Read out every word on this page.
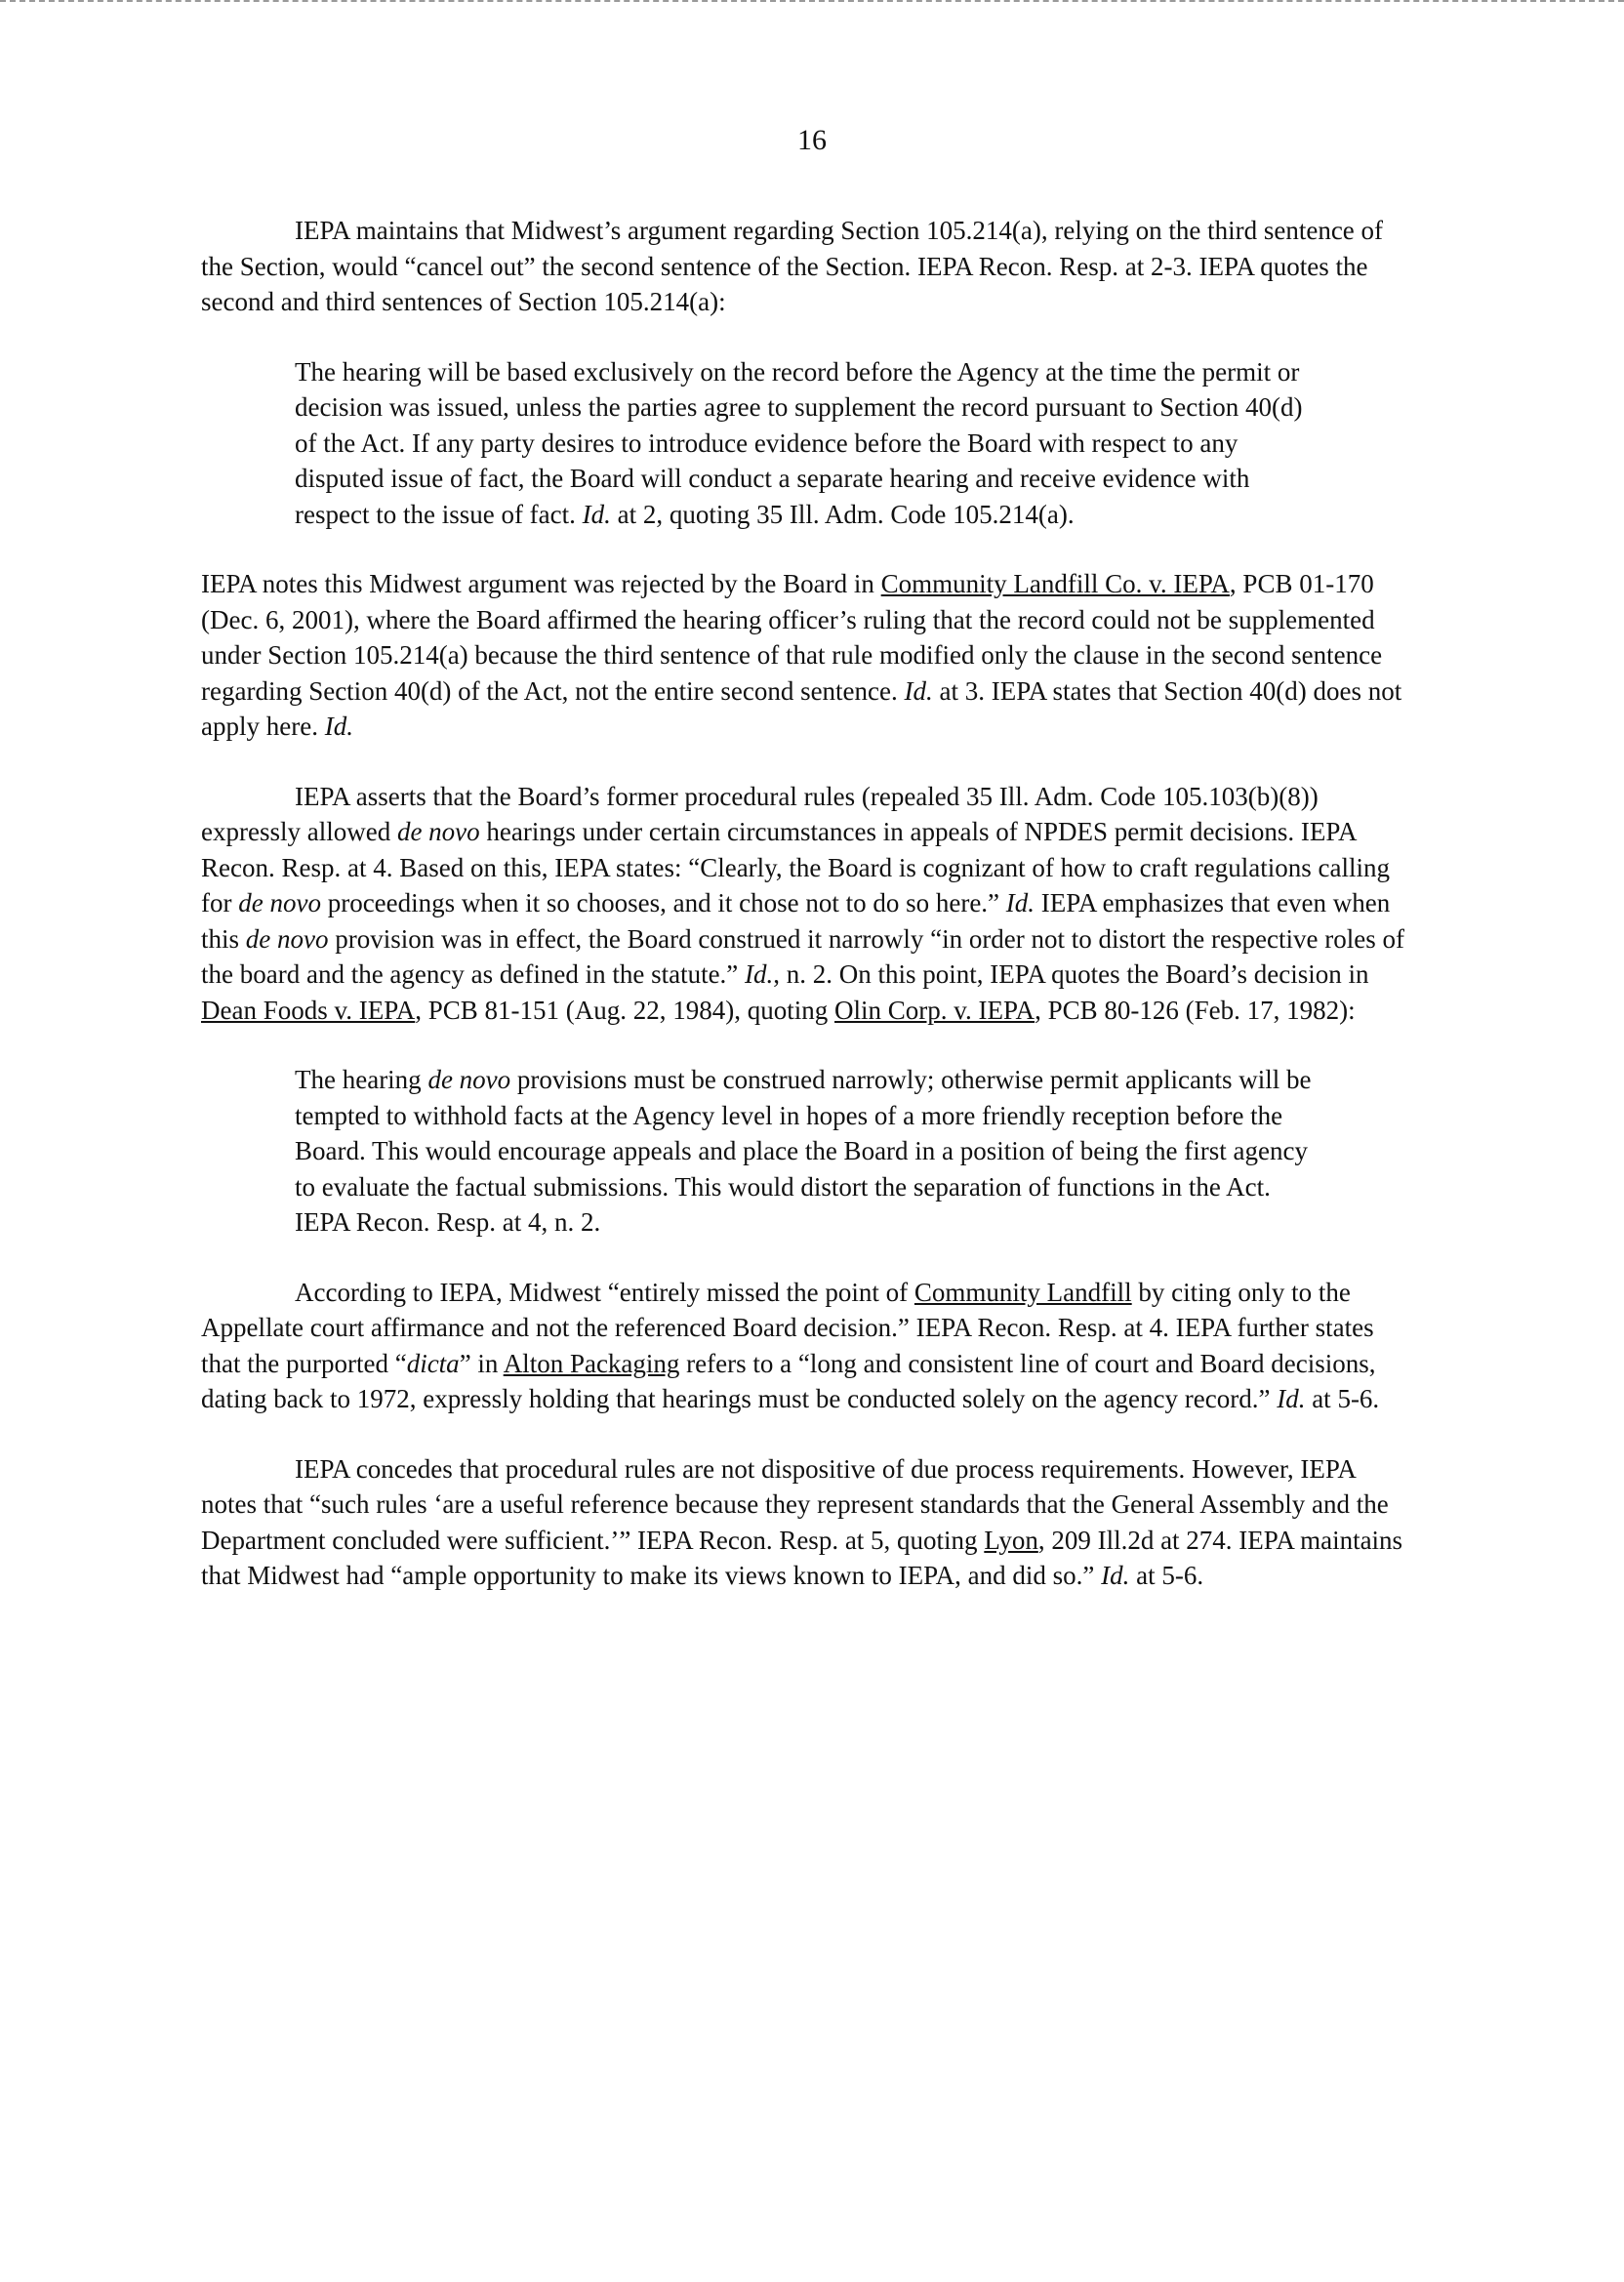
16

IEPA maintains that Midwest’s argument regarding Section 105.214(a), relying on the third sentence of the Section, would “cancel out” the second sentence of the Section. IEPA Recon. Resp. at 2-3. IEPA quotes the second and third sentences of Section 105.214(a):

The hearing will be based exclusively on the record before the Agency at the time the permit or decision was issued, unless the parties agree to supplement the record pursuant to Section 40(d) of the Act. If any party desires to introduce evidence before the Board with respect to any disputed issue of fact, the Board will conduct a separate hearing and receive evidence with respect to the issue of fact. Id. at 2, quoting 35 Ill. Adm. Code 105.214(a).

IEPA notes this Midwest argument was rejected by the Board in Community Landfill Co. v. IEPA, PCB 01-170 (Dec. 6, 2001), where the Board affirmed the hearing officer’s ruling that the record could not be supplemented under Section 105.214(a) because the third sentence of that rule modified only the clause in the second sentence regarding Section 40(d) of the Act, not the entire second sentence. Id. at 3. IEPA states that Section 40(d) does not apply here. Id.

IEPA asserts that the Board’s former procedural rules (repealed 35 Ill. Adm. Code 105.103(b)(8)) expressly allowed de novo hearings under certain circumstances in appeals of NPDES permit decisions. IEPA Recon. Resp. at 4. Based on this, IEPA states: “Clearly, the Board is cognizant of how to craft regulations calling for de novo proceedings when it so chooses, and it chose not to do so here.” Id. IEPA emphasizes that even when this de novo provision was in effect, the Board construed it narrowly “in order not to distort the respective roles of the board and the agency as defined in the statute.” Id., n. 2. On this point, IEPA quotes the Board’s decision in Dean Foods v. IEPA, PCB 81-151 (Aug. 22, 1984), quoting Olin Corp. v. IEPA, PCB 80-126 (Feb. 17, 1982):

The hearing de novo provisions must be construed narrowly; otherwise permit applicants will be tempted to withhold facts at the Agency level in hopes of a more friendly reception before the Board. This would encourage appeals and place the Board in a position of being the first agency to evaluate the factual submissions. This would distort the separation of functions in the Act. IEPA Recon. Resp. at 4, n. 2.

According to IEPA, Midwest “entirely missed the point of Community Landfill by citing only to the Appellate court affirmance and not the referenced Board decision.” IEPA Recon. Resp. at 4. IEPA further states that the purported “dicta” in Alton Packaging refers to a “long and consistent line of court and Board decisions, dating back to 1972, expressly holding that hearings must be conducted solely on the agency record.” Id. at 5-6.

IEPA concedes that procedural rules are not dispositive of due process requirements. However, IEPA notes that “such rules ‘are a useful reference because they represent standards that the General Assembly and the Department concluded were sufficient.’” IEPA Recon. Resp. at 5, quoting Lyon, 209 Ill.2d at 274. IEPA maintains that Midwest had “ample opportunity to make its views known to IEPA, and did so.” Id. at 5-6.
